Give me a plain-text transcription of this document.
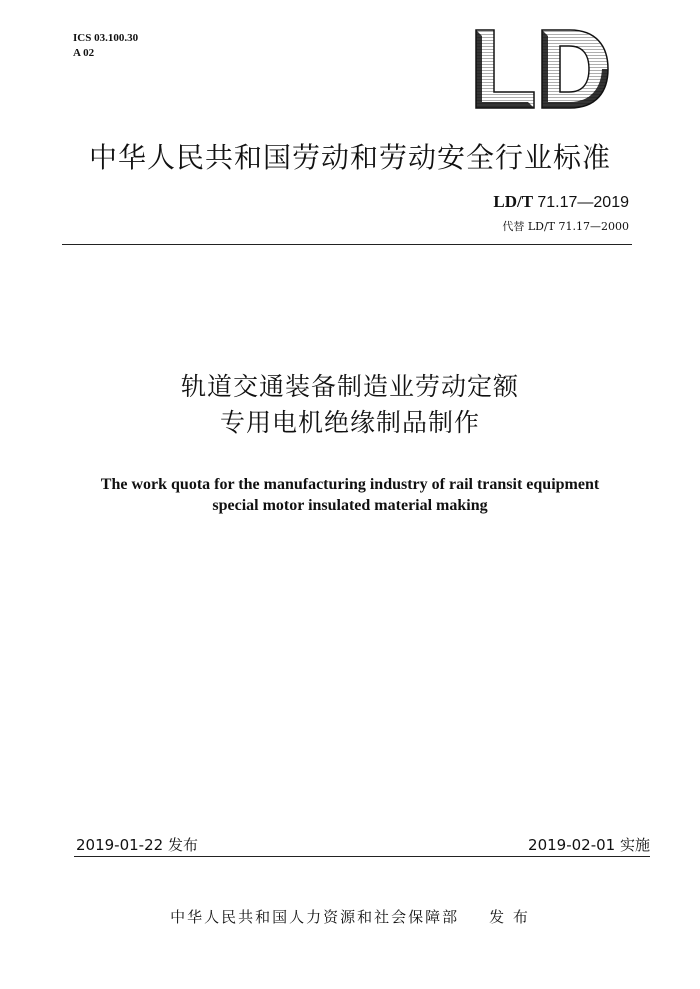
ICS 03.100.30
A 02
中华人民共和国劳动和劳动安全行业标准
LD/T 71.17—2019
代替 LD/T 71.17—2000
轨道交通装备制造业劳动定额
专用电机绝缘制品制作
The work quota for the manufacturing industry of rail transit equipment
special motor insulated material making
2019-01-22 发布	2019-02-01 实施
中华人民共和国人力资源和社会保障部 发 布
